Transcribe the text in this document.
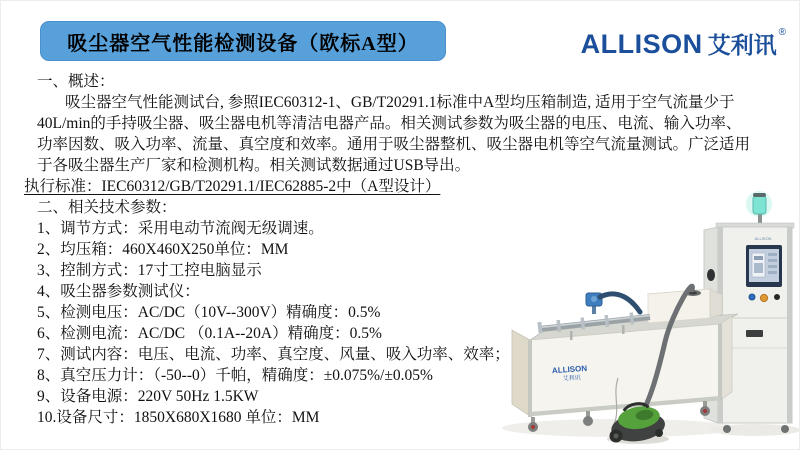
吸尘器空气性能检测设备（欧标A型）	ALLISON 艾利讯®
一、概述：
吸尘器空气性能测试台, 参照IEC60312-1、GB/T20291.1标准中A型均压箱制造, 适用于空气流量少于
40L/min的手持吸尘器、吸尘器电机等清洁电器产品。相关测试参数为吸尘器的电压、电流、输入功率、
功率因数、吸入功率、流量、真空度和效率。通用于吸尘器整机、吸尘器电机等空气流量测试。广泛适用
于各吸尘器生产厂家和检测机构。相关测试数据通过USB导出。
执行标准：IEC60312/GB/T20291.1/IEC62885-2中（A型设计）
二、相关技术参数：
1、调节方式：采用电动节流阀无级调速。
2、均压箱：460X460X250单位：MM
3、控制方式：17寸工控电脑显示
4、吸尘器参数测试仪：
5、检测电压：AC/DC（10V--300V）精确度：0.5%
6、检测电流：AC/DC （0.1A--20A）精确度：0.5%
7、测试内容：电压、电流、功率、真空度、风量、吸入功率、效率；
8、真空压力计：（-50--0）千帕，精确度：±0.075%/±0.05%
9、设备电源：220V 50Hz 1.5KW
10.设备尺寸：1850X680X1680 单位：MM
ALLISON
ALLISON
艾利讯
